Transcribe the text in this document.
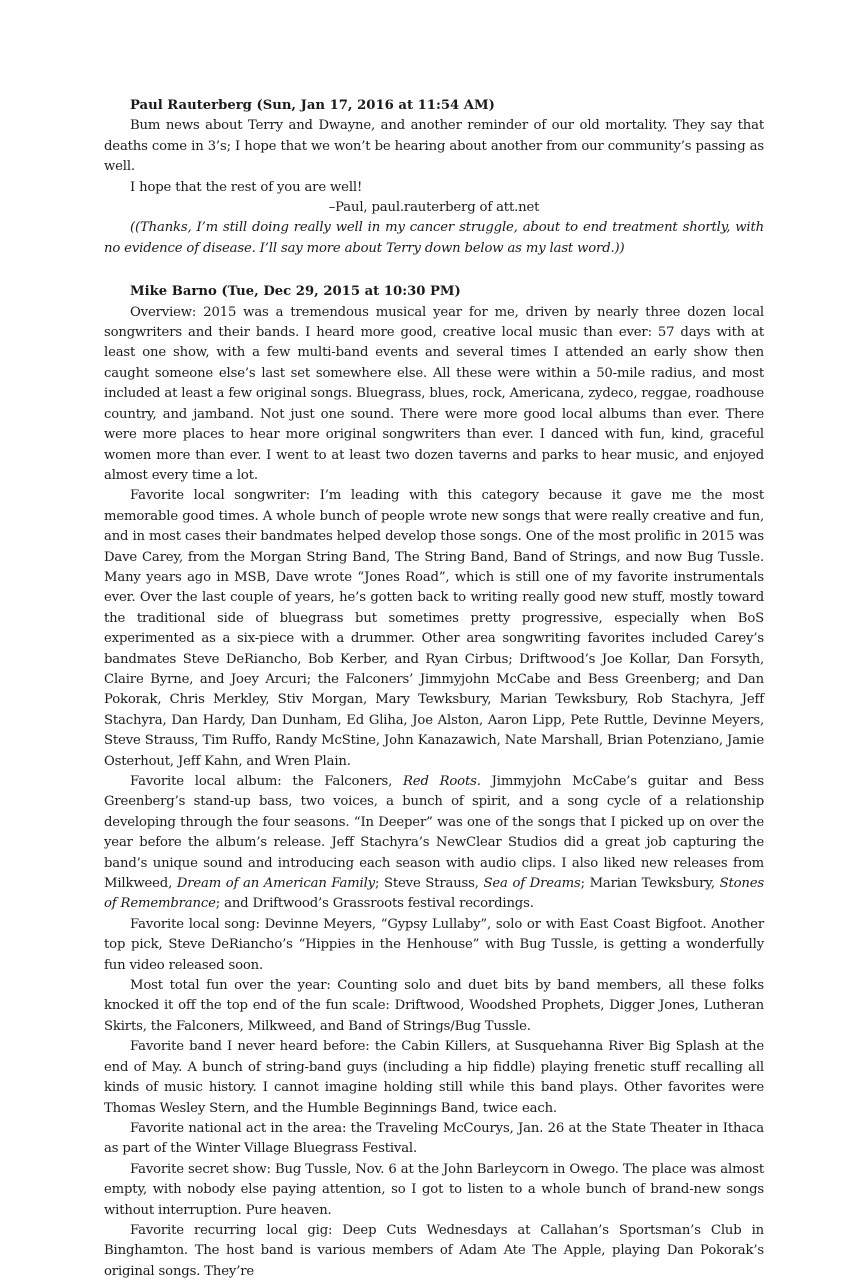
Paul Rauterberg (Sun, Jan 17, 2016 at 11:54 AM)

Bum news about Terry and Dwayne, and another reminder of our old mortality. They say that deaths come in 3’s; I hope that we won’t be hearing about another from our community’s passing as well.

I hope that the rest of you are well!

–Paul, paul.rauterberg of att.net

((Thanks, I’m still doing really well in my cancer struggle, about to end treatment shortly, with no evidence of disease. I’ll say more about Terry down below as my last word.))

Mike Barno (Tue, Dec 29, 2015 at 10:30 PM)

Overview: 2015 was a tremendous musical year for me, driven by nearly three dozen local songwriters and their bands. I heard more good, creative local music than ever: 57 days with at least one show, with a few multi-band events and several times I attended an early show then caught someone else’s last set somewhere else. All these were within a 50-mile radius, and most included at least a few original songs. Bluegrass, blues, rock, Americana, zydeco, reggae, roadhouse country, and jamband. Not just one sound. There were more good local albums than ever. There were more places to hear more original songwriters than ever. I danced with fun, kind, graceful women more than ever. I went to at least two dozen taverns and parks to hear music, and enjoyed almost every time a lot.

Favorite local songwriter: I’m leading with this category because it gave me the most memorable good times. A whole bunch of people wrote new songs that were really creative and fun, and in most cases their bandmates helped develop those songs. One of the most prolific in 2015 was Dave Carey, from the Morgan String Band, The String Band, Band of Strings, and now Bug Tussle. Many years ago in MSB, Dave wrote “Jones Road”, which is still one of my favorite instrumentals ever. Over the last couple of years, he’s gotten back to writing really good new stuff, mostly toward the traditional side of bluegrass but sometimes pretty progressive, especially when BoS experimented as a six-piece with a drummer. Other area songwriting favorites included Carey’s bandmates Steve DeRiancho, Bob Kerber, and Ryan Cirbus; Driftwood’s Joe Kollar, Dan Forsyth, Claire Byrne, and Joey Arcuri; the Falconers’ Jimmyjohn McCabe and Bess Greenberg; and Dan Pokorak, Chris Merkley, Stiv Morgan, Mary Tewksbury, Marian Tewksbury, Rob Stachyra, Jeff Stachyra, Dan Hardy, Dan Dunham, Ed Gliha, Joe Alston, Aaron Lipp, Pete Ruttle, Devinne Meyers, Steve Strauss, Tim Ruffo, Randy McStine, John Kanazawich, Nate Marshall, Brian Potenziano, Jamie Osterhout, Jeff Kahn, and Wren Plain.

Favorite local album: the Falconers, Red Roots. Jimmyjohn McCabe’s guitar and Bess Greenberg’s stand-up bass, two voices, a bunch of spirit, and a song cycle of a relationship developing through the four seasons. “In Deeper” was one of the songs that I picked up on over the year before the album’s release. Jeff Stachyra’s NewClear Studios did a great job capturing the band’s unique sound and introducing each season with audio clips. I also liked new releases from Milkweed, Dream of an American Family; Steve Strauss, Sea of Dreams; Marian Tewksbury, Stones of Remembrance; and Driftwood’s Grassroots festival recordings.

Favorite local song: Devinne Meyers, “Gypsy Lullaby”, solo or with East Coast Bigfoot. Another top pick, Steve DeRiancho’s “Hippies in the Henhouse” with Bug Tussle, is getting a wonderfully fun video released soon.

Most total fun over the year: Counting solo and duet bits by band members, all these folks knocked it off the top end of the fun scale: Driftwood, Woodshed Prophets, Digger Jones, Lutheran Skirts, the Falconers, Milkweed, and Band of Strings/Bug Tussle.

Favorite band I never heard before: the Cabin Killers, at Susquehanna River Big Splash at the end of May. A bunch of string-band guys (including a hip fiddle) playing frenetic stuff recalling all kinds of music history. I cannot imagine holding still while this band plays. Other favorites were Thomas Wesley Stern, and the Humble Beginnings Band, twice each.

Favorite national act in the area: the Traveling McCourys, Jan. 26 at the State Theater in Ithaca as part of the Winter Village Bluegrass Festival.

Favorite secret show: Bug Tussle, Nov. 6 at the John Barleycorn in Owego. The place was almost empty, with nobody else paying attention, so I got to listen to a whole bunch of brand-new songs without interruption. Pure heaven.

Favorite recurring local gig: Deep Cuts Wednesdays at Callahan’s Sportsman’s Club in Binghamton. The host band is various members of Adam Ate The Apple, playing Dan Pokorak’s original songs. They’re
